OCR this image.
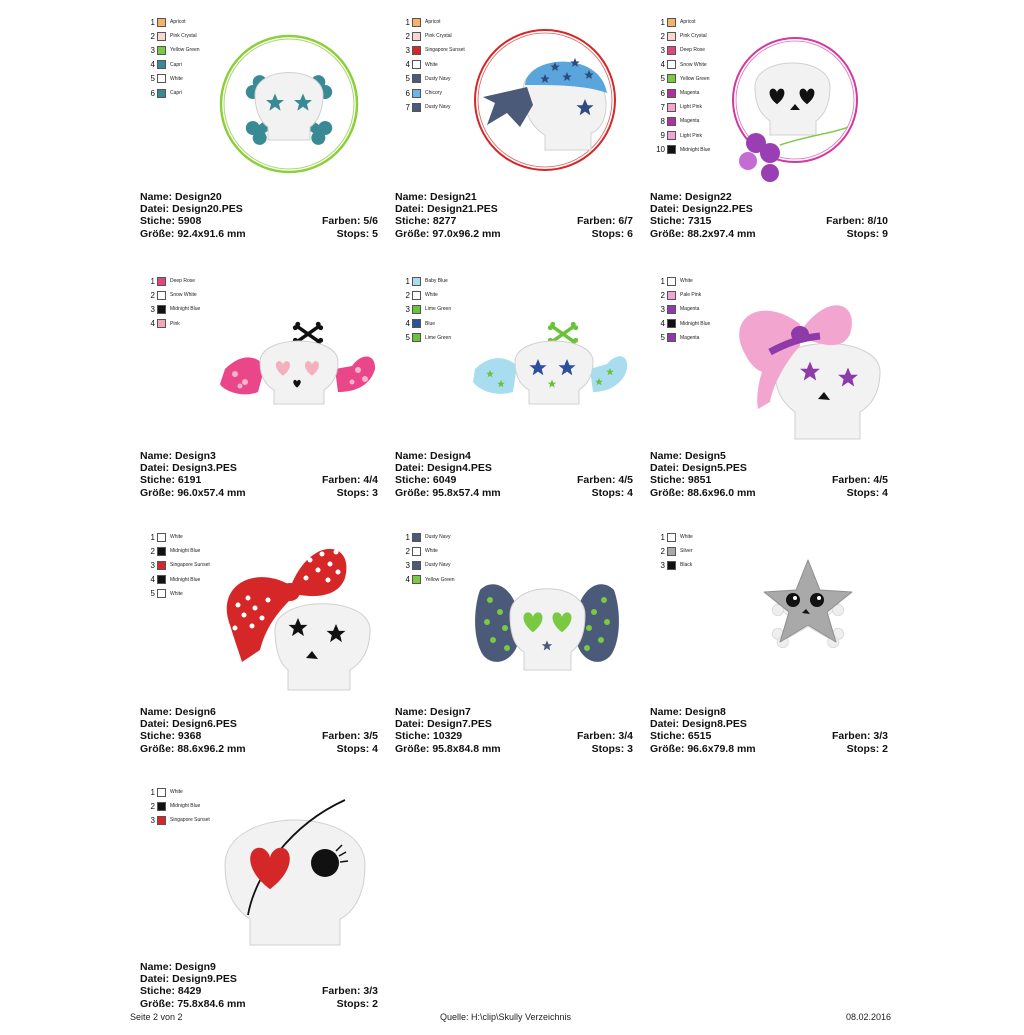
1	Apricot
2	Pink Crystal
3	Yellow Green
4	Capri
5	White
6	Capri
Name: Design20
Datei: Design20.PES
Stiche: 5908	Farben: 5/6
Größe: 92.4x91.6 mm	Stops: 5
1	Apricot
2	Pink Crystal
3	Singapore Sunset
4	White
5	Dusty Navy
6	Chicory
7	Dusty Navy
Name: Design21
Datei: Design21.PES
Stiche: 8277	Farben: 6/7
Größe: 97.0x96.2 mm	Stops: 6
1	Apricot
2	Pink Crystal
3	Deep Rose
4	Snow White
5	Yellow Green
6	Magenta
7	Light Pink
8	Magenta
9	Light Pink
10	Midnight Blue
Name: Design22
Datei: Design22.PES
Stiche: 7315	Farben: 8/10
Größe: 88.2x97.4 mm	Stops: 9
1	Deep Rose
2	Snow White
3	Midnight Blue
4	Pink
Name: Design3
Datei: Design3.PES
Stiche: 6191	Farben: 4/4
Größe: 96.0x57.4 mm	Stops: 3
1	Baby Blue
2	White
3	Lime Green
4	Blue
5	Lime Green
Name: Design4
Datei: Design4.PES
Stiche: 6049	Farben: 4/5
Größe: 95.8x57.4 mm	Stops: 4
1	White
2	Pale Pink
3	Magenta
4	Midnight Blue
5	Magenta
Name: Design5
Datei: Design5.PES
Stiche: 9851	Farben: 4/5
Größe: 88.6x96.0 mm	Stops: 4
1	White
2	Midnight Blue
3	Singapore Sunset
4	Midnight Blue
5	White
Name: Design6
Datei: Design6.PES
Stiche: 9368	Farben: 3/5
Größe: 88.6x96.2 mm	Stops: 4
1	Dusty Navy
2	White
3	Dusty Navy
4	Yellow Green
Name: Design7
Datei: Design7.PES
Stiche: 10329	Farben: 3/4
Größe: 95.8x84.8 mm	Stops: 3
1	White
2	Silver
3	Black
Name: Design8
Datei: Design8.PES
Stiche: 6515	Farben: 3/3
Größe: 96.6x79.8 mm	Stops: 2
1	White
2	Midnight Blue
3	Singapore Sunset
Name: Design9
Datei: Design9.PES
Stiche: 8429	Farben: 3/3
Größe: 75.8x84.6 mm	Stops: 2
Seite 2 von 2	Quelle: H:\clip\Skully Verzeichnis	08.02.2016
